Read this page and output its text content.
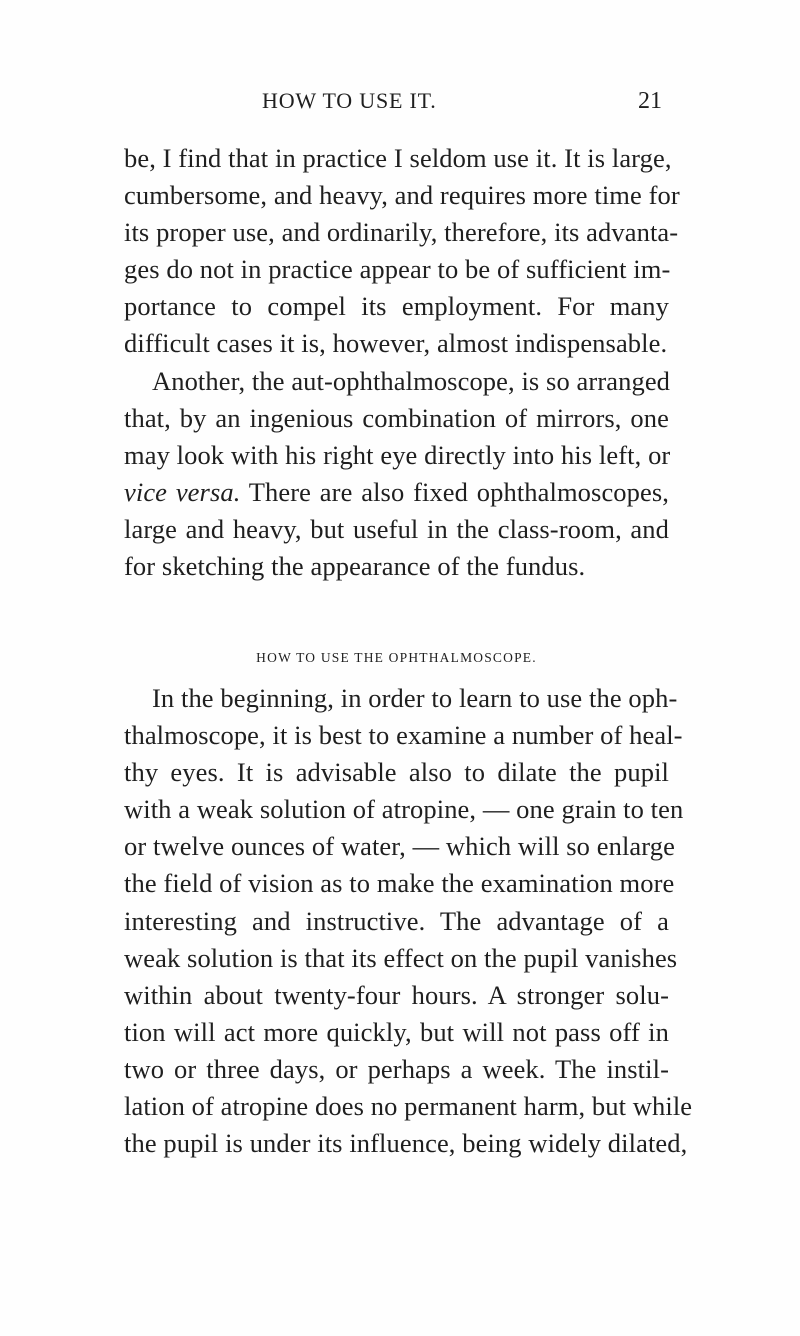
HOW TO USE IT.	21
be, I find that in practice I seldom use it. It is large,
cumbersome, and heavy, and requires more time for
its proper use, and ordinarily, therefore, its advanta-
ges do not in practice appear to be of sufficient im-
portance to compel its employment. For many
difficult cases it is, however, almost indispensable.
Another, the aut-ophthalmoscope, is so arranged
that, by an ingenious combination of mirrors, one
may look with his right eye directly into his left, or
vice versa. There are also fixed ophthalmoscopes,
large and heavy, but useful in the class-room, and
for sketching the appearance of the fundus.
HOW TO USE THE OPHTHALMOSCOPE.
In the beginning, in order to learn to use the oph-
thalmoscope, it is best to examine a number of heal-
thy eyes. It is advisable also to dilate the pupil
with a weak solution of atropine, — one grain to ten
or twelve ounces of water, — which will so enlarge
the field of vision as to make the examination more
interesting and instructive. The advantage of a
weak solution is that its effect on the pupil vanishes
within about twenty-four hours. A stronger solu-
tion will act more quickly, but will not pass off in
two or three days, or perhaps a week. The instil-
lation of atropine does no permanent harm, but while
the pupil is under its influence, being widely dilated,
